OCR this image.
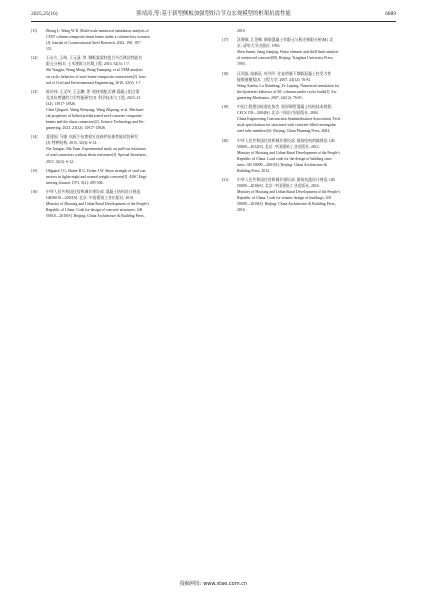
2025,25(16)	熊靖涛,等:基于新型侧板加强型组合节点宏观模型的框架抗震性能	6889
[11] Zhong L, Wang W D. Multi-scale numerical simulation analysis of
CFST column-composite beam frame under a column-loss scenario
[J]. Journal of Constructional Steel Research, 2022, 190: 107-
151.
[12] 石永久, 王萌, 王元清, 等. 钢框架梁柱组合节点滞回性能有
限元分析[J]. 土木建筑与环境工程, 2010, 32(3): 1-7.
Shi Yongjiu, Wang Meng, Wang Yuanqing, et al. FEM analysis
on cyclic behavior of steel frame-composite connections[J]. Jour-
nal of Civil and Environmental Engineering, 2010, 32(3): 1-7.
[13] 陈庆伟, 王文坪, 王志鹏, 等. 栓接装配式钢-混凝土组合梁
及其抗剪键的力学性能研究[J]. 科学技术与工程, 2023, 23
(32): 13917-13926.
Chen Qingwei, Wang Wenyang, Wang Zhipeng, et al. Mechani-
cal properties of bolted prefabricated steel-concrete composite
beams and the shear connectors[J]. Science Technology and En-
gineering, 2023, 23(32): 13917-13926.
[14] 聂建国, 马骏. 抗拔不抗剪栓钉连接件抗拔性能试验研究
[J]. 特种结构, 2015, 32(3): 6-12.
Nie Jianguo, Ma Yuan. Experimental study on pull-out resistance
of stud connectors without shear resistance[J]. Special Structures,
2015, 32(3): 6-12.
[15] Ollgaard J G, Slutter R G, Fisher J W. Shear strength of stud con-
nectors in lightweight and normal weight concrete[J]. AISC Engi-
neering Journal, 1971, 8(2): 495-506.
[16] 中华人民共和国住房和城乡建设部. 混凝土结构设计规范:
GB50010—2010[S]. 北京: 中国建筑工业出版社, 2010.
Ministry of Housing and Urban Rural Development of the People's
Republic of China. Code for design of concrete structures: GB
50010—2010[S]. Beijing: China Architecture & Building Press,
2010.
[17] 沈聚敏, 江见鲸. 钢筋混凝土有限元与板壳极限分析[M]. 北
京: 清华大学出版社, 1993.
Shen Jumin, Jiang Jianjing. Finite element and shell limit analysis
of reinforced concrete[M]. Beijing: Tsinghua University Press,
1993.
[18] 汪训流, 陆新征, 叶列平. 往复荷载下钢筋混凝土柱受力性
能数值模拟[J]. 工程力学, 2007, 24(12): 76-81.
Wang Xunliu, Lu Xinzheng, Ye Lieping. Numerical simulation for
the hysteresis behavior of RC columns under cyclic loads[J]. En-
gineering Mechanics, 2007, 24(12): 76-81.
[19] 中国工程建设标准化协会. 矩形钢管混凝土结构技术规程:
CECS 159—2004[S]. 北京: 中国计划出版社, 2004.
China Engineering Construction Standardization Association. Tech-
nical specification for structures with concrete-filled rectangular
steel tube members[S]. Beijing: China Planning Press, 2004.
[20] 中华人民共和国住房和城乡建设部. 建筑结构荷载规范: GB
50009—2012[S]. 北京: 中国建筑工业出版社, 2012.
Ministry of Housing and Urban Rural Development of the People's
Republic of China. Load code for the design of building struc-
tures: GB 50009—2001[S]. Beijing: China Architecture &
Building Press, 2012.
[21] 中华人民共和国住房和城乡建设部. 建筑抗震设计规范: GB
50009—2016[S]. 北京: 中国建筑工业出版社, 2016.
Ministry of Housing and Urban Rural Development of the People's
Republic of China. Code for seismic design of buildings: GB
50009—2016[S]. Beijing: China Architecture & Building Press,
2016.
投稿网址: www.stae.com.cn
